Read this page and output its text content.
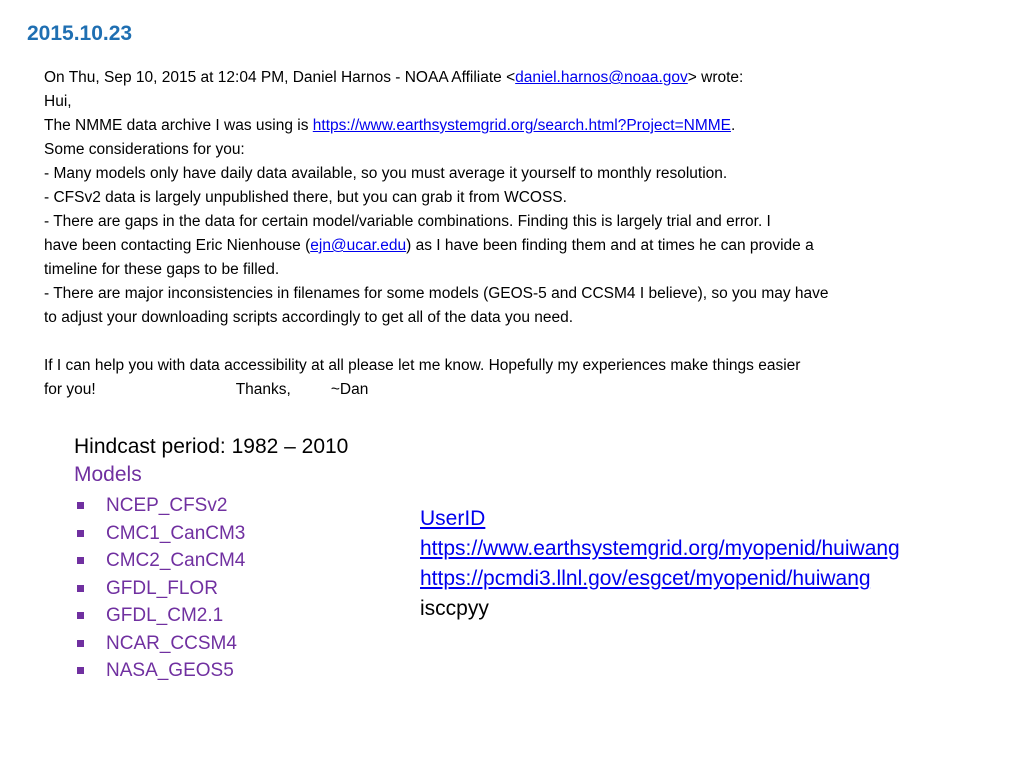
2015.10.23
On Thu, Sep 10, 2015 at 12:04 PM, Daniel Harnos - NOAA Affiliate <daniel.harnos@noaa.gov> wrote:
Hui,
The NMME data archive I was using is https://www.earthsystemgrid.org/search.html?Project=NMME.
Some considerations for you:
- Many models only have daily data available, so you must average it yourself to monthly resolution.
- CFSv2 data is largely unpublished there, but you can grab it from WCOSS.
- There are gaps in the data for certain model/variable combinations. Finding this is largely trial and error. I
have been contacting Eric Nienhouse (ejn@ucar.edu) as I have been finding them and at times he can provide a
timeline for these gaps to be filled.
- There are major inconsistencies in filenames for some models (GEOS-5 and CCSM4 I believe), so you may have
to adjust your downloading scripts accordingly to get all of the data you need.
If I can help you with data accessibility at all please let me know. Hopefully my experiences make things easier
for you!	Thanks,	~Dan
Hindcast period: 1982 – 2010
Models
NCEP_CFSv2
CMC1_CanCM3
CMC2_CanCM4
GFDL_FLOR
GFDL_CM2.1
NCAR_CCSM4
NASA_GEOS5
UserID
https://www.earthsystemgrid.org/myopenid/huiwang
https://pcmdi3.llnl.gov/esgcet/myopenid/huiwang
isccpyy
